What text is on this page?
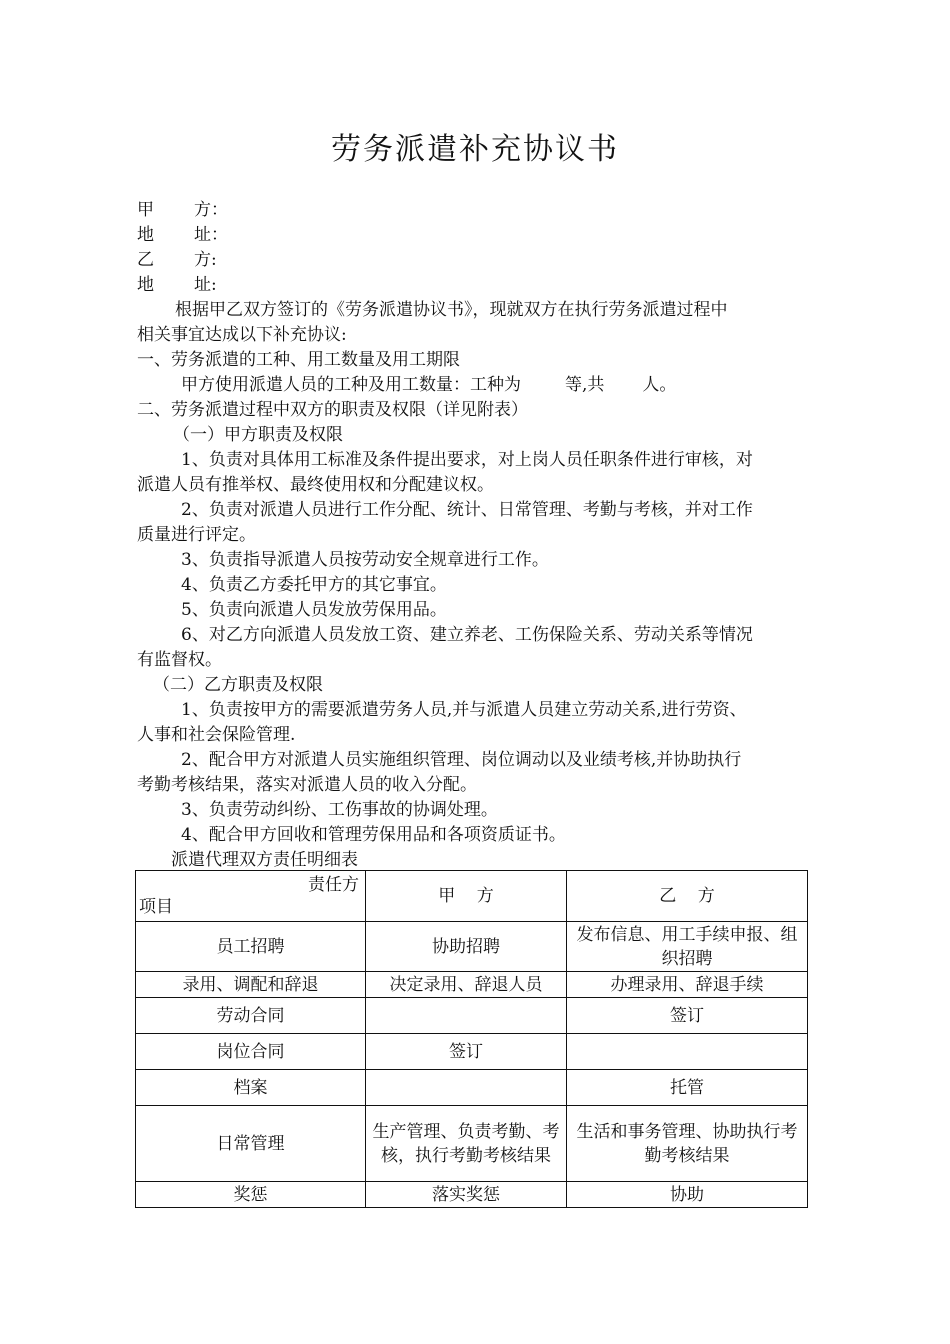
劳务派遣补充协议书

甲	方：

地	址：

乙	方:

地	址:

根据甲乙双方签订的《劳务派遣协议书》，现就双方在执行劳务派遣过程中

相关事宜达成以下补充协议:

一、劳务派遣的工种、用工数量及用工期限

甲方使用派遣人员的工种及用工数量：工种为	等,共 人。

二、劳务派遣过程中双方的职责及权限（详见附表）

（一）甲方职责及权限

1、负责对具体用工标准及条件提出要求，对上岗人员任职条件进行审核，对

派遣人员有推举权、最终使用权和分配建议权。

2、负责对派遣人员进行工作分配、统计、日常管理、考勤与考核，并对工作

质量进行评定。

3、负责指导派遣人员按劳动安全规章进行工作。

4、负责乙方委托甲方的其它事宜。

5、负责向派遣人员发放劳保用品。

6、对乙方向派遣人员发放工资、建立养老、工伤保险关系、劳动关系等情况

有监督权。

（二）乙方职责及权限

1、负责按甲方的需要派遣劳务人员,并与派遣人员建立劳动关系,进行劳资、

人事和社会保险管理.

2、配合甲方对派遣人员实施组织管理、岗位调动以及业绩考核,并协助执行

考勤考核结果，落实对派遣人员的收入分配。

3、负责劳动纠纷、工伤事故的协调处理。

4、配合甲方回收和管理劳保用品和各项资质证书。

派遣代理双方责任明细表

责任方
项目	甲    方	乙    方
员工招聘	协助招聘	发布信息、用工手续申报、组织招聘
录用、调配和辞退	决定录用、辞退人员	办理录用、辞退手续
劳动合同		签订
岗位合同	签订	
档案		托管
日常管理	生产管理、负责考勤、考核，执行考勤考核结果	生活和事务管理、协助执行考勤考核结果
奖惩	落实奖惩	协助
